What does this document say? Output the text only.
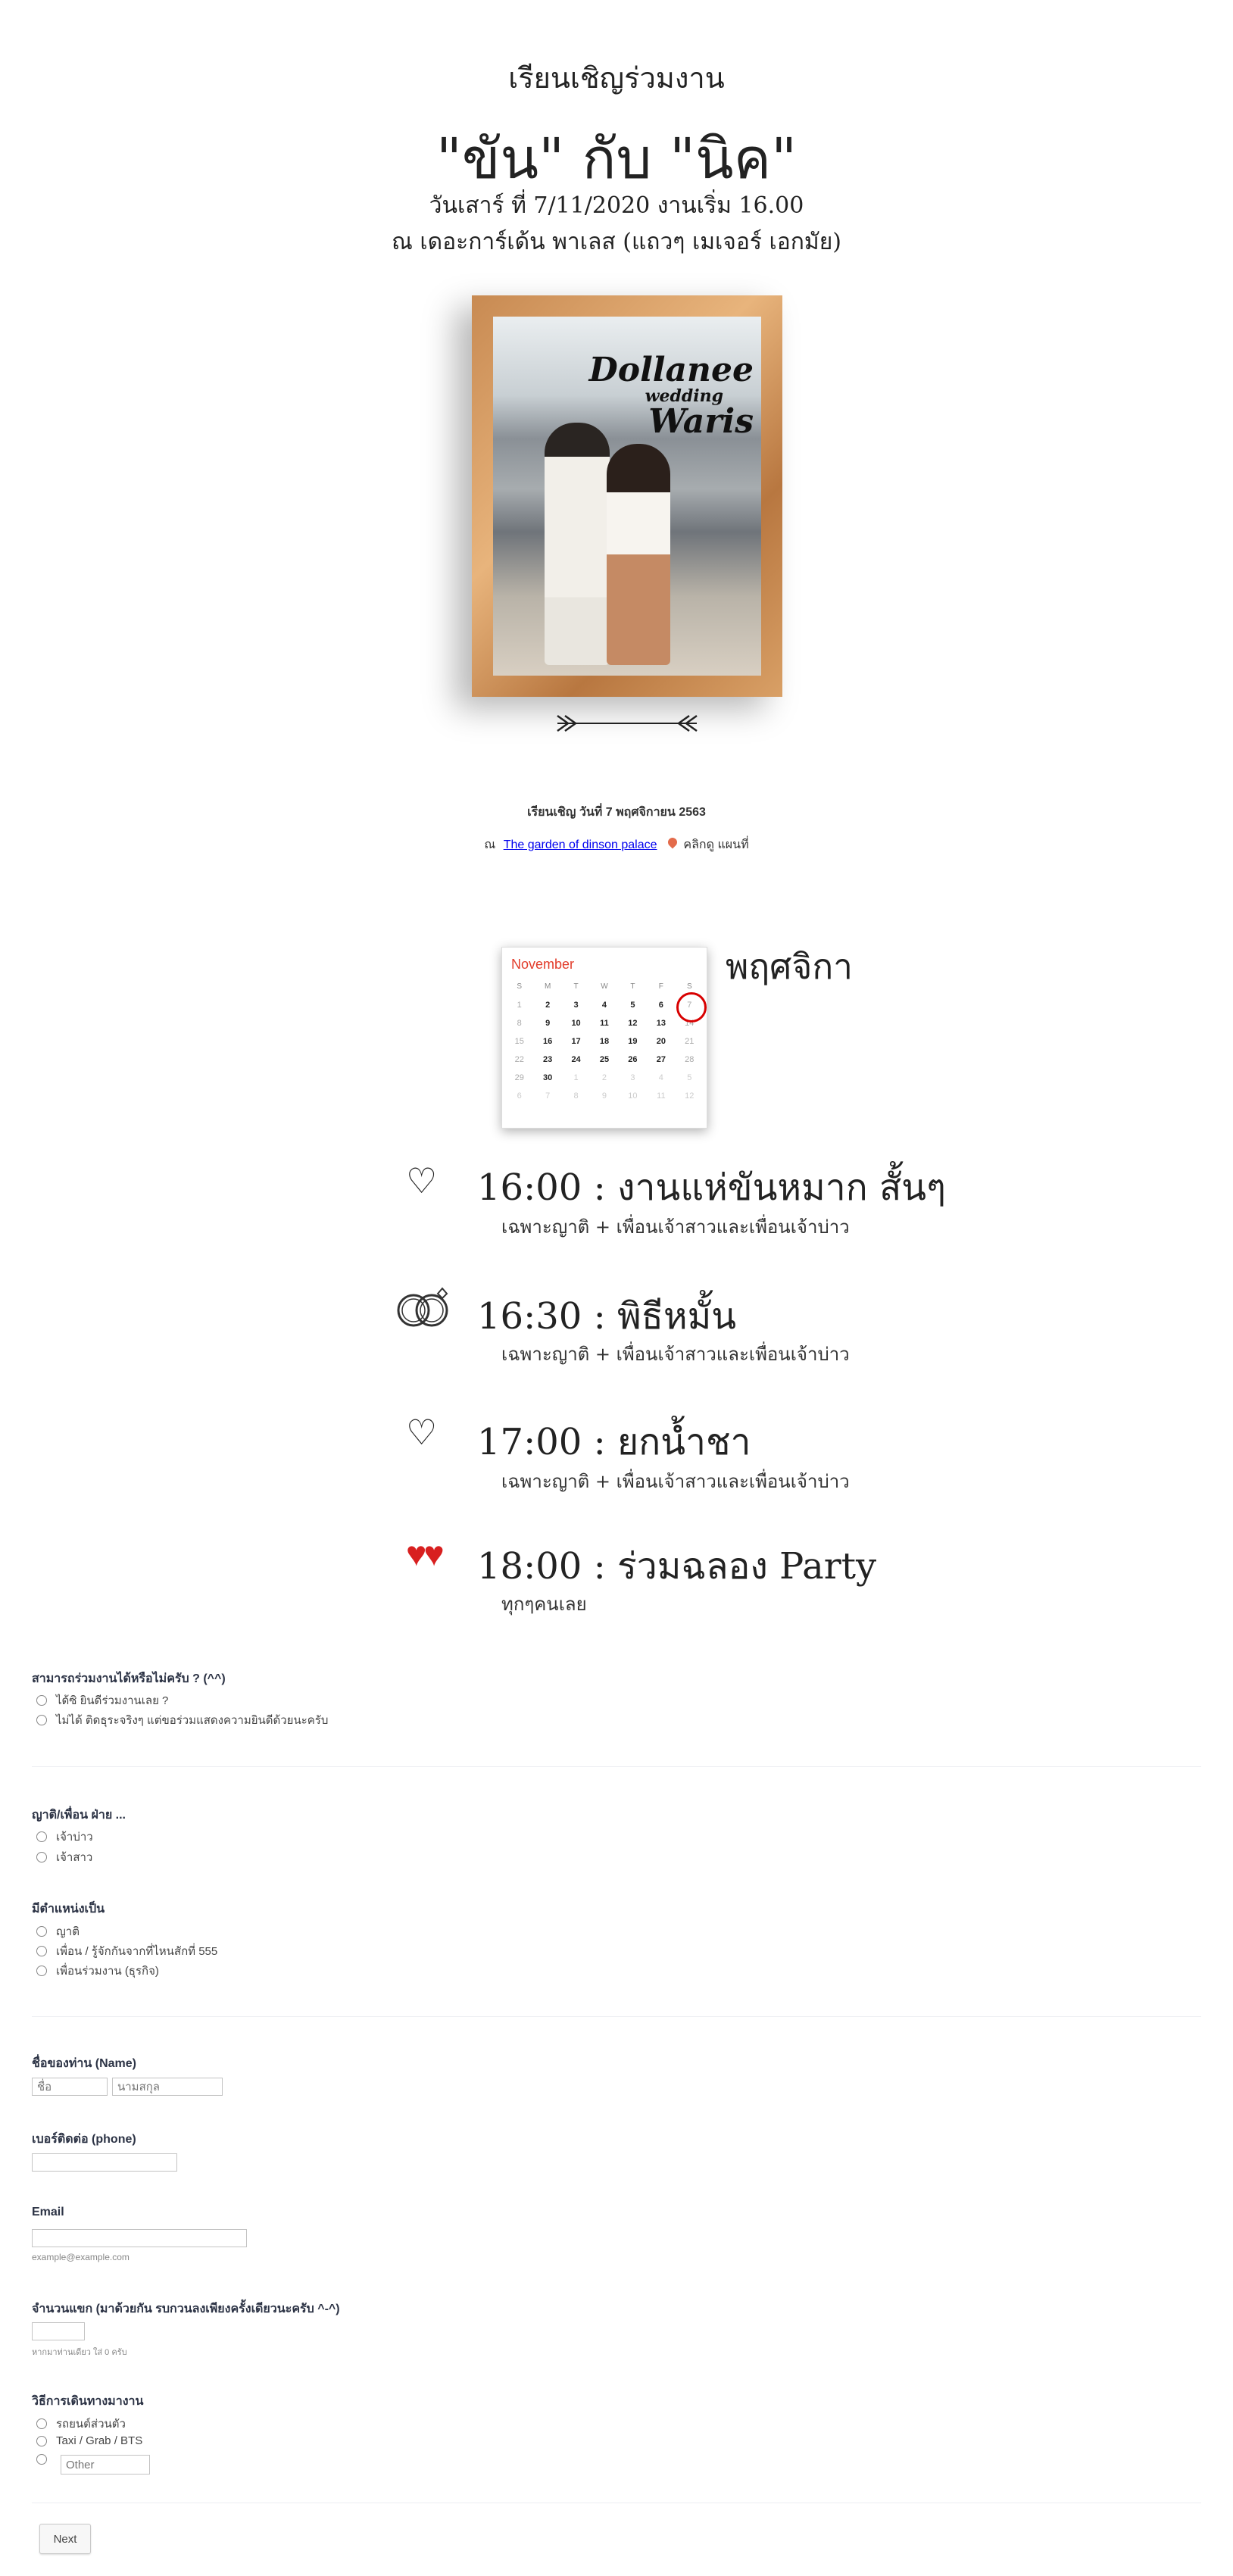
เรียนเชิญร่วมงาน
"ขัน" กับ "นิค"
วันเสาร์ ที่ 7/11/2020 งานเริ่ม 16.00
ณ เดอะการ์เด้น พาเลส (แถวๆ เมเจอร์ เอกมัย)
Dollanee
wedding
Waris
เรียนเชิญ วันที่ 7 พฤศจิกายน 2563
ณ The garden of dinson palace คลิกดู แผนที่
November
S	M	T	W	T	F	S
1	2	3	4	5	6	7
8	9	10	11	12	13	14
15	16	17	18	19	20	21
22	23	24	25	26	27	28
29	30	1	2	3	4	5
6	7	8	9	10	11	12
พฤศจิกา
♡ 16:00 : งานแห่ขันหมาก สั้นๆ
เฉพาะญาติ + เพื่อนเจ้าสาวและเพื่อนเจ้าบ่าว
16:30 : พิธีหมั้น
เฉพาะญาติ + เพื่อนเจ้าสาวและเพื่อนเจ้าบ่าว
♡ 17:00 : ยกน้ำชา
เฉพาะญาติ + เพื่อนเจ้าสาวและเพื่อนเจ้าบ่าว
♥♥ 18:00 : ร่วมฉลอง Party
ทุกๆคนเลย
สามารถร่วมงานได้หรือไม่ครับ ? (^^)
ได้ซิ ยินดีร่วมงานเลย ?
ไม่ได้ ติดธุระจริงๆ แต่ขอร่วมแสดงความยินดีด้วยนะครับ
ญาติ/เพื่อน ฝ่าย ...
เจ้าบ่าว
เจ้าสาว
มีตำแหน่งเป็น
ญาติ
เพื่อน / รู้จักกันจากที่ไหนสักที่ 555
เพื่อนร่วมงาน (ธุรกิจ)
ชื่อของท่าน (Name)
ชื่อ
นามสกุล
เบอร์ติดต่อ (phone)
Email
example@example.com
จำนวนแขก (มาด้วยกัน รบกวนลงเพียงครั้งเดียวนะครับ ^-^)
หากมาท่านเดียว ใส่ 0 ครับ
วิธีการเดินทางมางาน
รถยนต์ส่วนตัว
Taxi / Grab / BTS
Other
Next
